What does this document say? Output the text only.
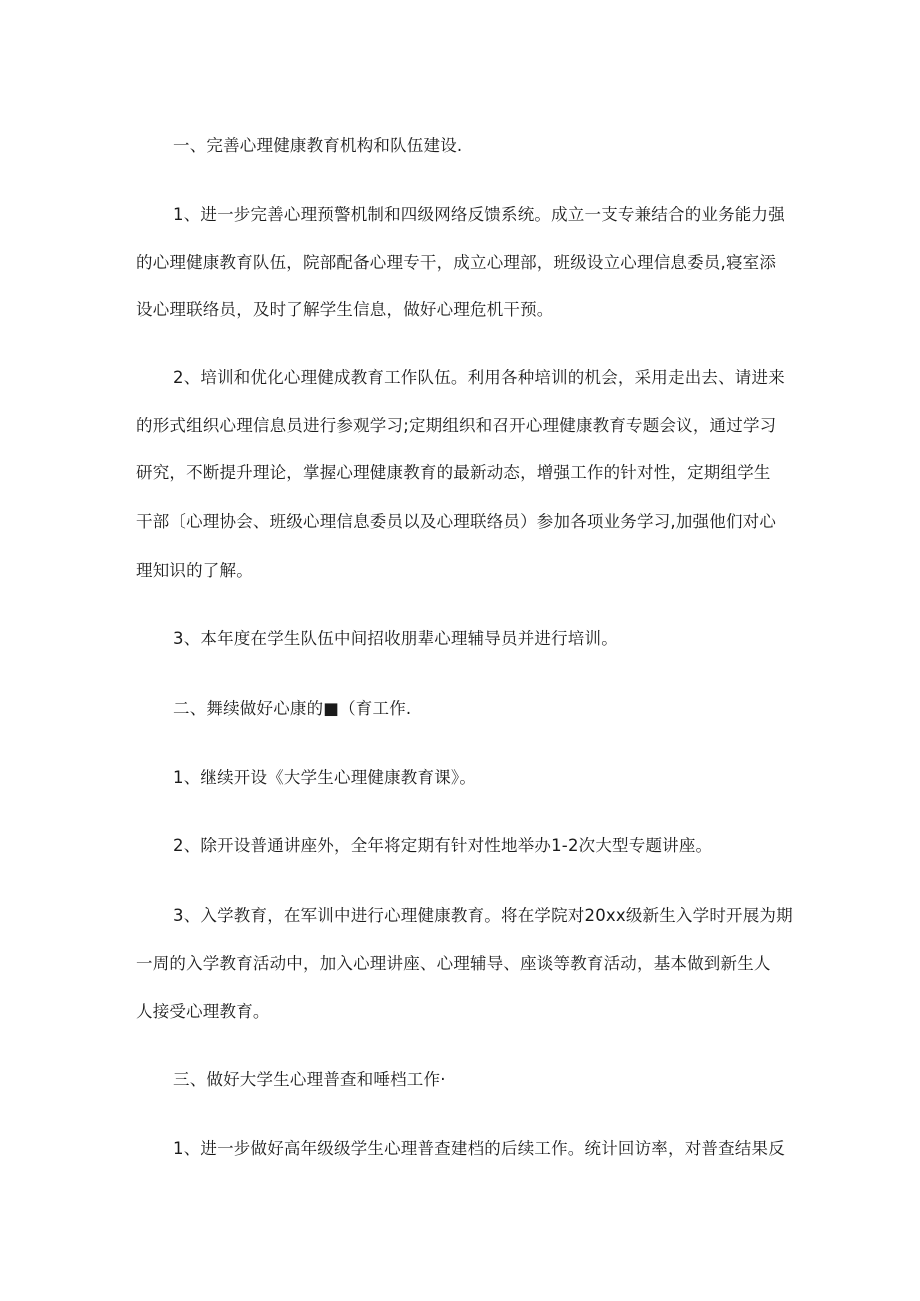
一、完善心理健康教育机构和队伍建设.

1、进一步完善心理预警机制和四级网络反馈系统。成立一支专兼结合的业务能力强

的心理健康教育队伍，院部配备心理专干，成立心理部，班级设立心理信息委员,寝室添

设心理联络员，及时了解学生信息，做好心理危机干预。

2、培训和优化心理健成教育工作队伍。利用各种培训的机会，采用走出去、请进来

的形式组织心理信息员进行参观学习;定期组织和召开心理健康教育专题会议，通过学习

研究，不断提升理论，掌握心理健康教育的最新动态，增强工作的针对性，定期组学生

干部〔心理协会、班级心理信息委员以及心理联络员）参加各项业务学习,加强他们对心

理知识的了解。

3、本年度在学生队伍中间招收朋辈心理辅导员并进行培训。

二、舞续做好心康的■（育工作.

1、继续开设《大学生心理健康教育课》。

2、除开设普通讲座外，全年将定期有针对性地举办1-2次大型专题讲座。

3、入学教育，在军训中进行心理健康教育。将在学院对20xx级新生入学时开展为期

一周的入学教育活动中，加入心理讲座、心理辅导、座谈等教育活动，基本做到新生人

人接受心理教育。

三、做好大学生心理普查和唾档工作·

1、进一步做好高年级级学生心理普查建档的后续工作。统计回访率，对普查结果反
